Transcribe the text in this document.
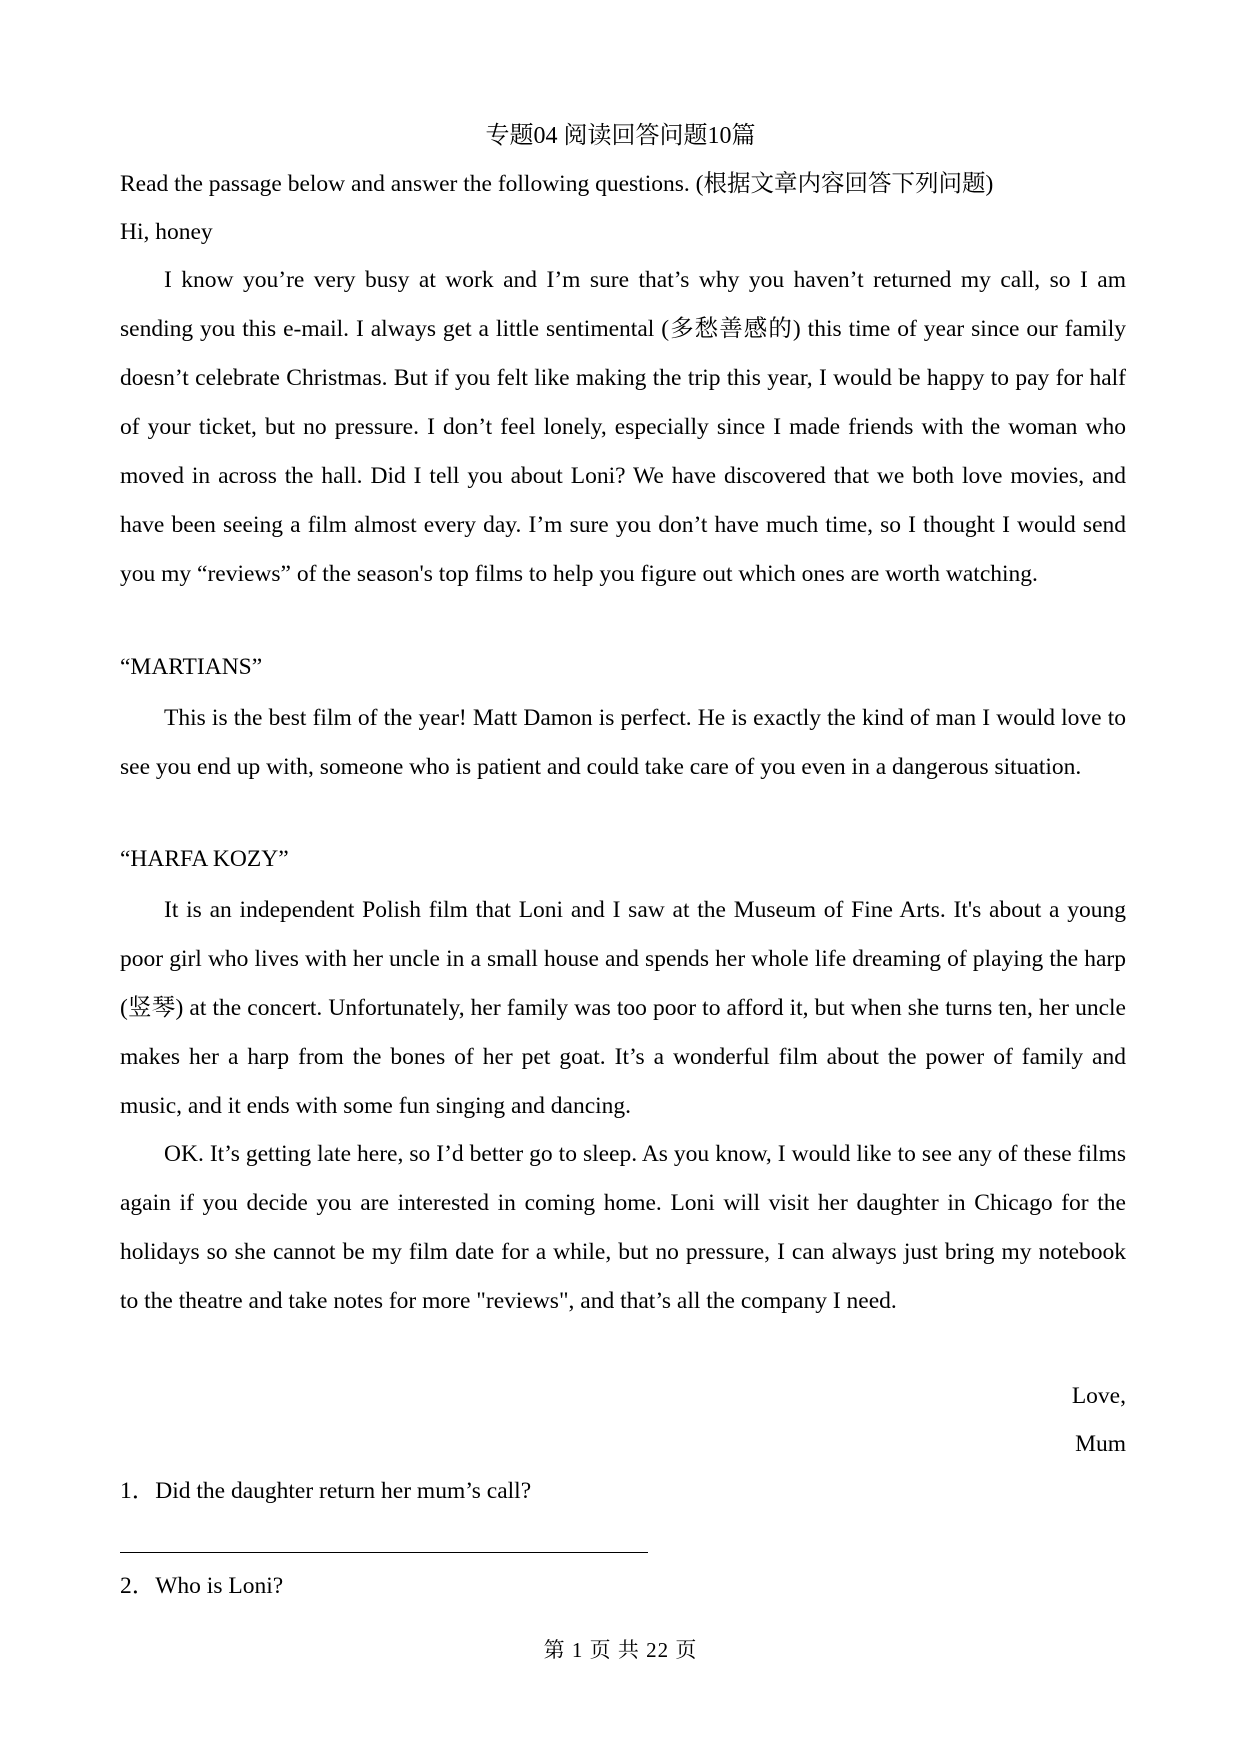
专题04 阅读回答问题10篇
Read the passage below and answer the following questions. (根据文章内容回答下列问题)
Hi, honey
I know you’re very busy at work and I’m sure that’s why you haven’t returned my call, so I am sending you this e-mail. I always get a little sentimental (多愁善感的) this time of year since our family doesn’t celebrate Christmas. But if you felt like making the trip this year, I would be happy to pay for half of your ticket, but no pressure. I don’t feel lonely, especially since I made friends with the woman who moved in across the hall. Did I tell you about Loni? We have discovered that we both love movies, and have been seeing a film almost every day. I’m sure you don’t have much time, so I thought I would send you my “reviews” of the season's top films to help you figure out which ones are worth watching.
“MARTIANS”
This is the best film of the year! Matt Damon is perfect. He is exactly the kind of man I would love to see you end up with, someone who is patient and could take care of you even in a dangerous situation.
“HARFA KOZY”
It is an independent Polish film that Loni and I saw at the Museum of Fine Arts. It's about a young poor girl who lives with her uncle in a small house and spends her whole life dreaming of playing the harp (竖琴) at the concert. Unfortunately, her family was too poor to afford it, but when she turns ten, her uncle makes her a harp from the bones of her pet goat. It’s a wonderful film about the power of family and music, and it ends with some fun singing and dancing.
OK. It’s getting late here, so I’d better go to sleep. As you know, I would like to see any of these films again if you decide you are interested in coming home. Loni will visit her daughter in Chicago for the holidays so she cannot be my film date for a while, but no pressure, I can always just bring my notebook to the theatre and take notes for more "reviews", and that’s all the company I need.
Love,
Mum
1．Did the daughter return her mum’s call?
2．Who is Loni?
第 1 页 共 22 页
